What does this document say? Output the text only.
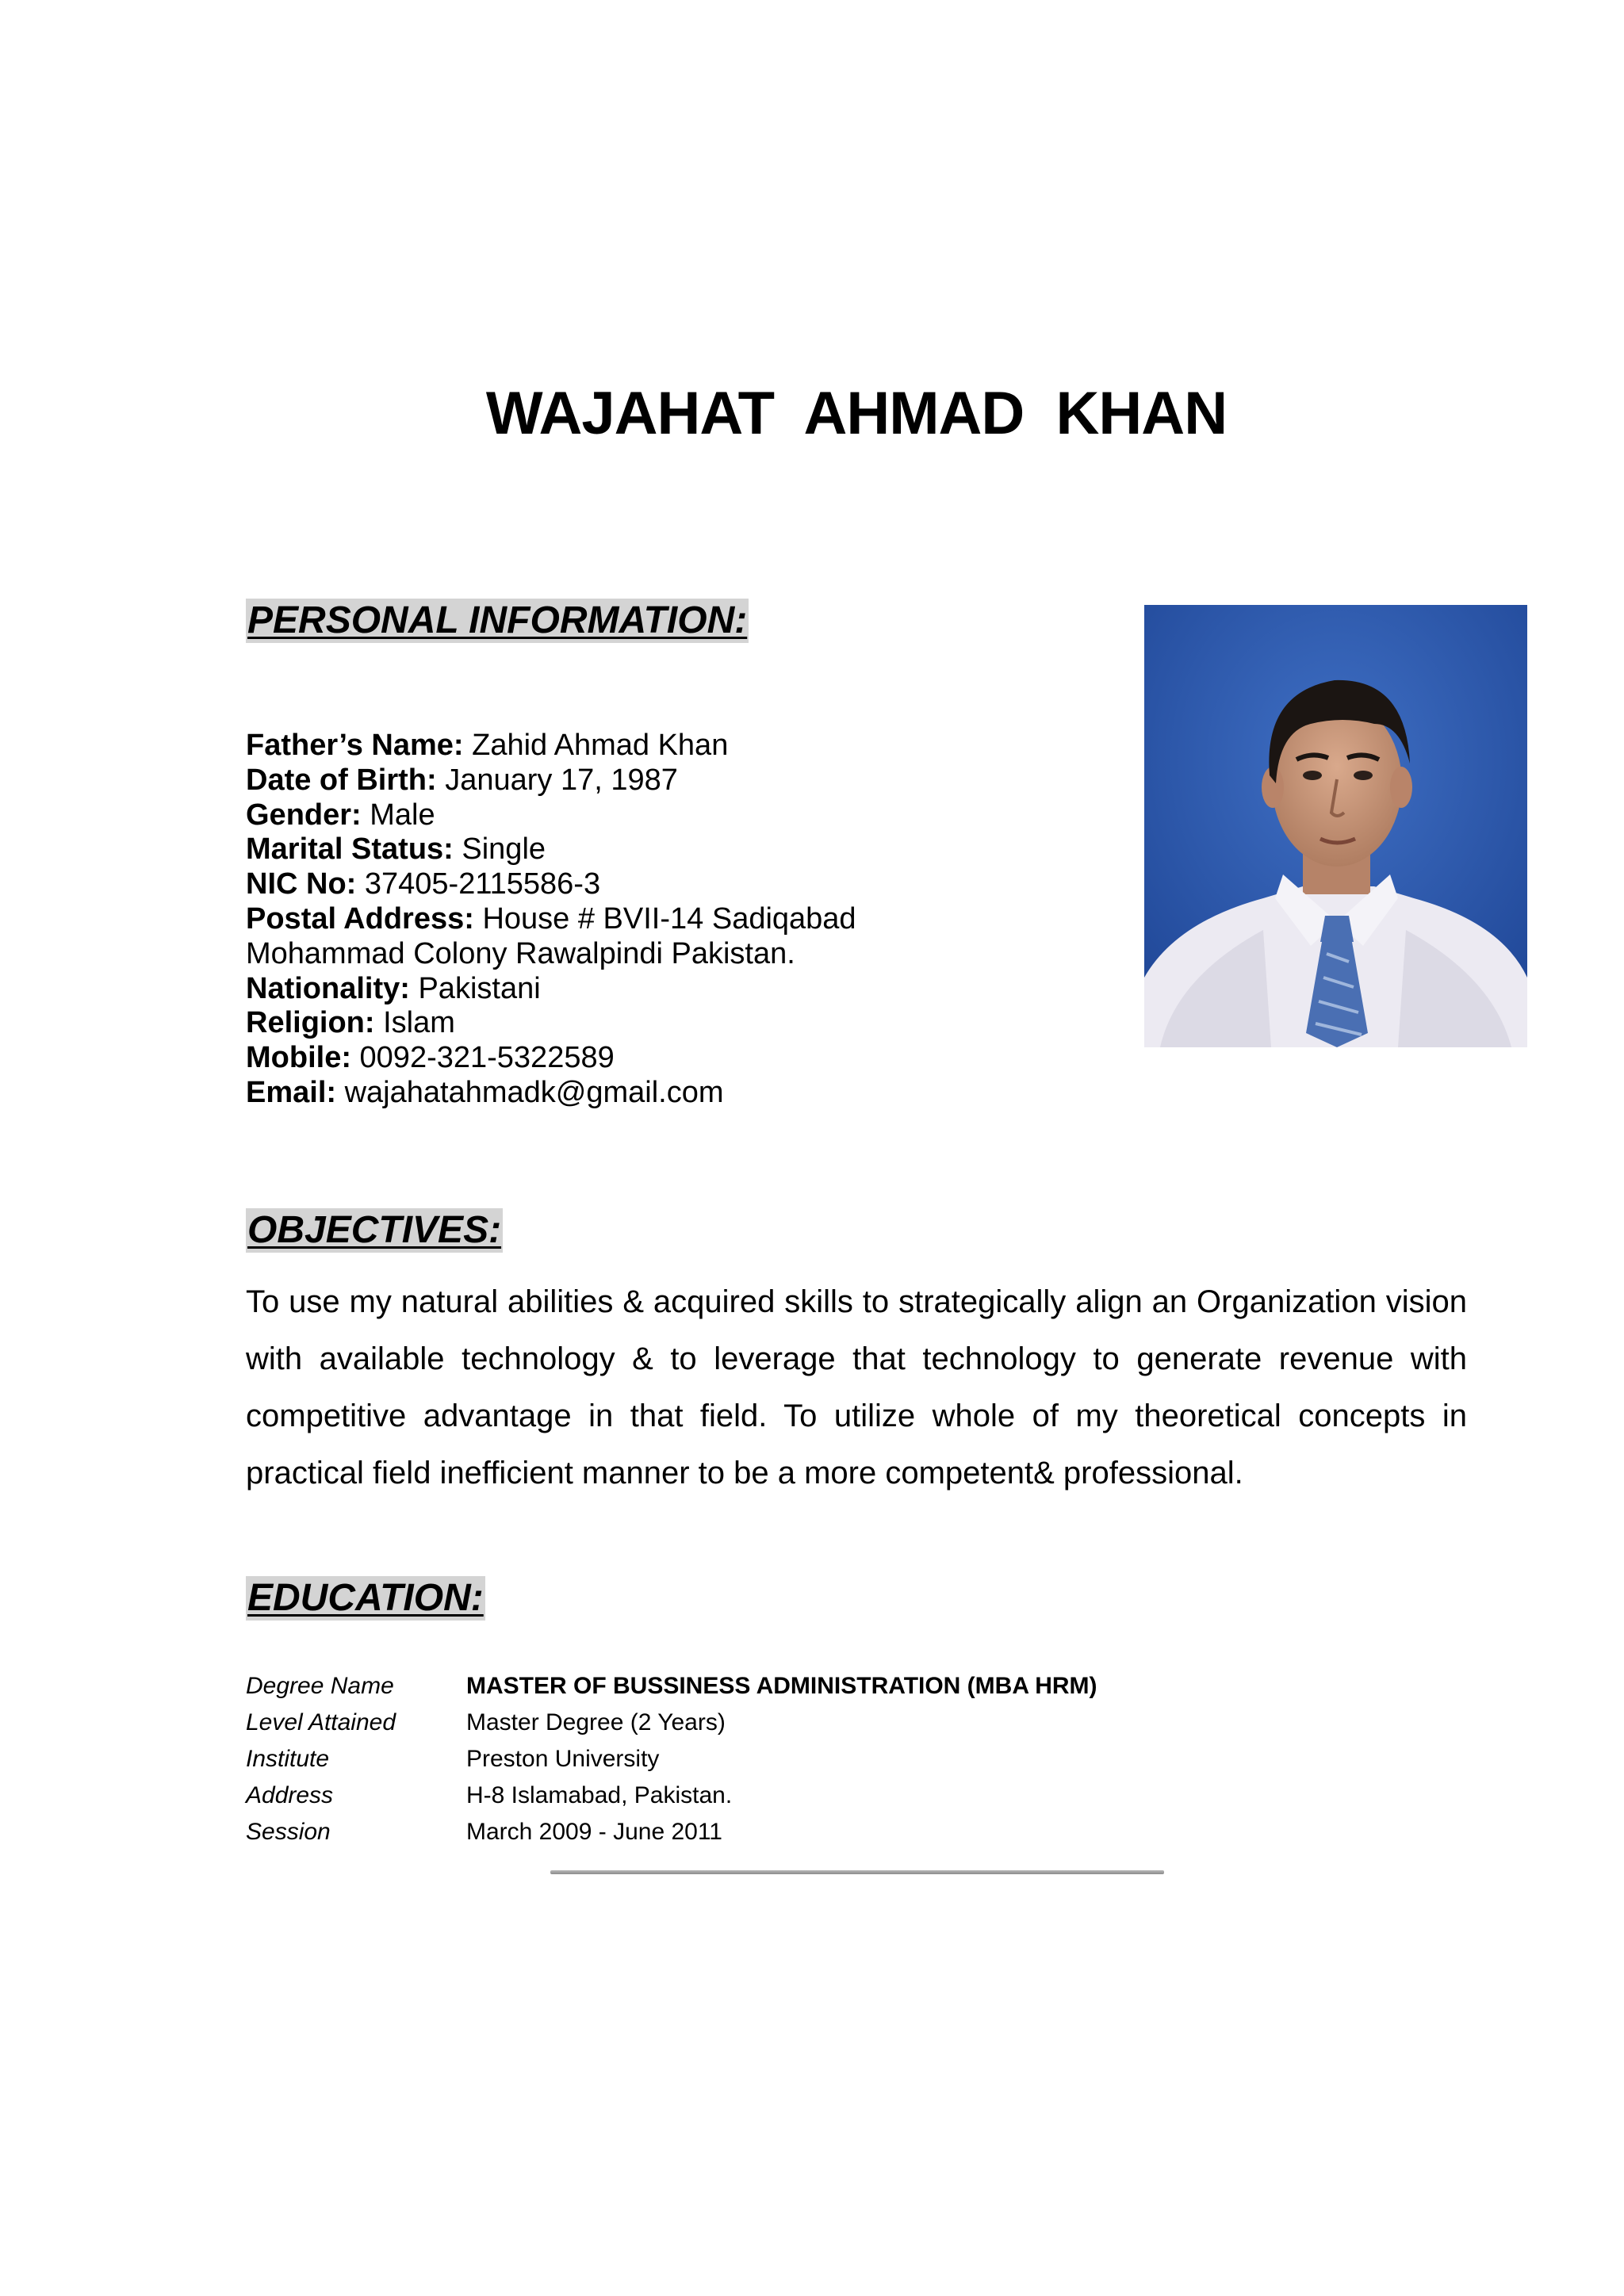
WAJAHAT  AHMAD  KHAN
PERSONAL INFORMATION:
Father’s Name: Zahid Ahmad Khan
Date of Birth: January 17, 1987
Gender: Male
Marital Status: Single
NIC No: 37405-2115586-3
Postal Address: House # BVII-14 Sadiqabad
Mohammad Colony Rawalpindi Pakistan.
Nationality: Pakistani
Religion: Islam
Mobile: 0092-321-5322589
Email: wajahatahmadk@gmail.com
OBJECTIVES:
To use my natural abilities & acquired skills to strategically align an Organization vision with available technology & to leverage that technology to generate revenue with competitive advantage in that field. To utilize whole of my theoretical concepts in practical field inefficient manner to be a more competent& professional.
EDUCATION:
Degree Name	MASTER OF BUSSINESS ADMINISTRATION (MBA HRM)
Level Attained	Master Degree (2 Years)
Institute	Preston University
Address	H-8 Islamabad, Pakistan.
Session	March 2009 - June 2011
